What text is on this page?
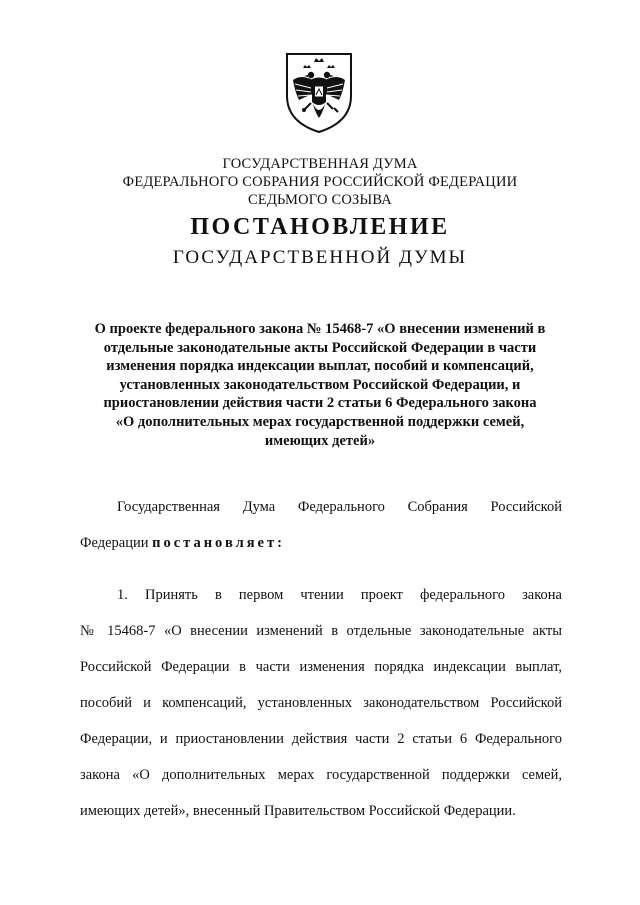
ГОСУДАРСТВЕННАЯ ДУМА
ФЕДЕРАЛЬНОГО СОБРАНИЯ РОССИЙСКОЙ ФЕДЕРАЦИИ
СЕДЬМОГО СОЗЫВА
ПОСТАНОВЛЕНИЕ
ГОСУДАРСТВЕННОЙ ДУМЫ
О проекте федерального закона № 15468-7 «О внесении изменений в
отдельные законодательные акты Российской Федерации в части
изменения порядка индексации выплат, пособий и компенсаций,
установленных законодательством Российской Федерации, и
приостановлении действия части 2 статьи 6 Федерального закона
«О дополнительных мерах государственной поддержки семей,
имеющих детей»
Государственная Дума Федерального Собрания Российской
Федерации постановляет:
1. Принять в первом чтении проект федерального закона
№ 15468-7 «О внесении изменений в отдельные законодательные акты
Российской Федерации в части изменения порядка индексации выплат,
пособий и компенсаций, установленных законодательством Российской
Федерации, и приостановлении действия части 2 статьи 6 Федерального
закона «О дополнительных мерах государственной поддержки семей,
имеющих детей», внесенный Правительством Российской Федерации.
